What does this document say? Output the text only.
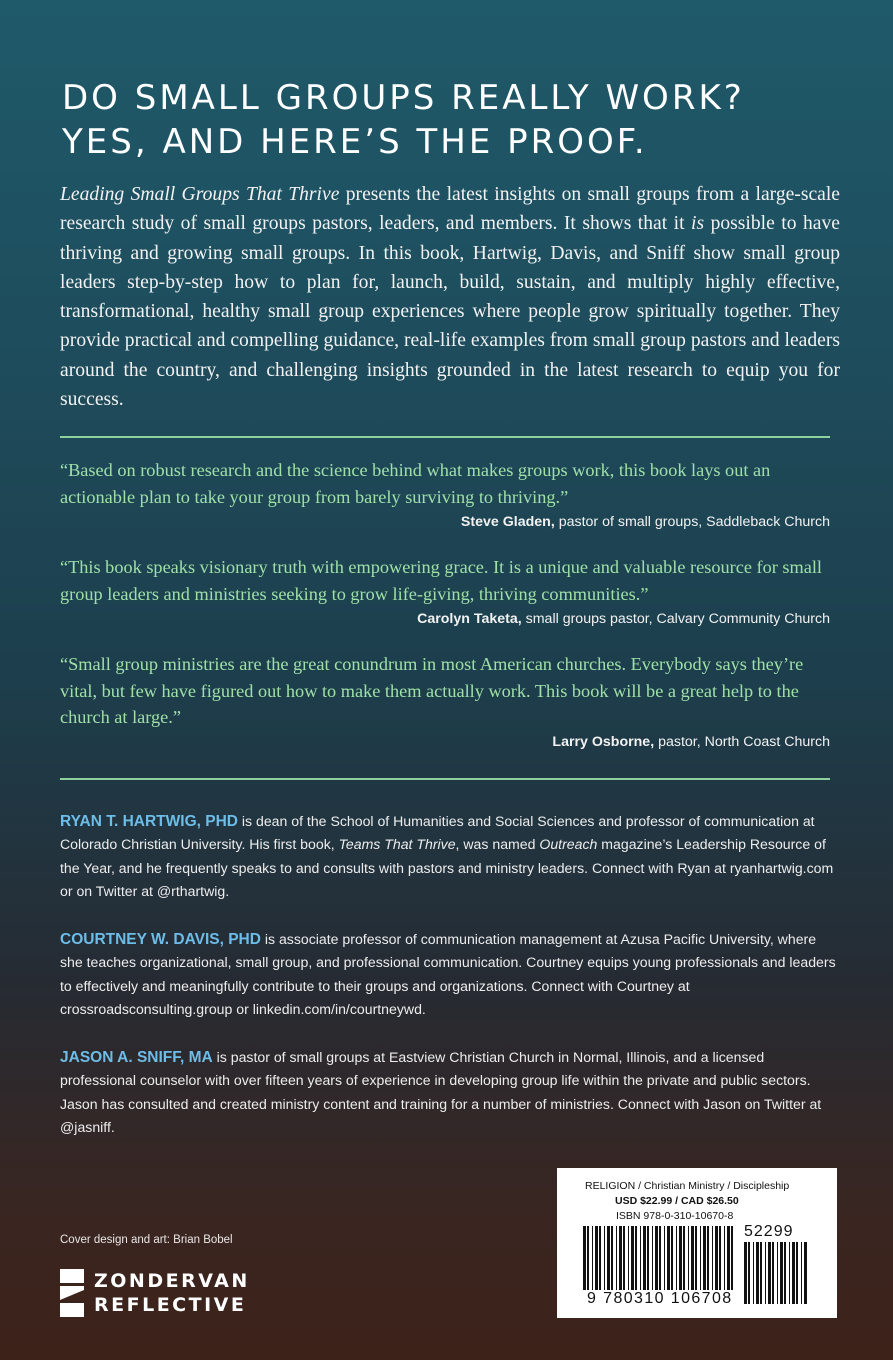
DO SMALL GROUPS REALLY WORK?
YES, AND HERE’S THE PROOF.

Leading Small Groups That Thrive presents the latest insights on small groups from a large-scale research study of small groups pastors, leaders, and members. It shows that it is possible to have thriving and growing small groups. In this book, Hartwig, Davis, and Sniff show small group leaders step-by-step how to plan for, launch, build, sustain, and multiply highly effective, transformational, healthy small group experiences where people grow spiritually together. They provide practical and compelling guidance, real-life examples from small group pastors and leaders around the country, and challenging insights grounded in the latest research to equip you for success.

“Based on robust research and the science behind what makes groups work, this book lays out an actionable plan to take your group from barely surviving to thriving.”

Steve Gladen, pastor of small groups, Saddleback Church

“This book speaks visionary truth with empowering grace. It is a unique and valuable resource for small group leaders and ministries seeking to grow life-giving, thriving communities.”

Carolyn Taketa, small groups pastor, Calvary Community Church

“Small group ministries are the great conundrum in most American churches. Everybody says they’re vital, but few have figured out how to make them actually work. This book will be a great help to the church at large.”

Larry Osborne, pastor, North Coast Church

RYAN T. HARTWIG, PHD is dean of the School of Humanities and Social Sciences and professor of communication at Colorado Christian University. His first book, Teams That Thrive, was named Outreach magazine’s Leadership Resource of the Year, and he frequently speaks to and consults with pastors and ministry leaders. Connect with Ryan at ryanhartwig.com or on Twitter at @rthartwig.

COURTNEY W. DAVIS, PHD is associate professor of communication management at Azusa Pacific University, where she teaches organizational, small group, and professional communication. Courtney equips young professionals and leaders to effectively and meaningfully contribute to their groups and organizations. Connect with Courtney at crossroadsconsulting.group or linkedin.com/in/courtneywd.

JASON A. SNIFF, MA is pastor of small groups at Eastview Christian Church in Normal, Illinois, and a licensed professional counselor with over fifteen years of experience in developing group life within the private and public sectors. Jason has consulted and created ministry content and training for a number of ministries. Connect with Jason on Twitter at @jasniff.

Cover design and art: Brian Bobel
ZONDERVAN
REFLECTIVE
RELIGION / Christian Ministry / Discipleship
USD $22.99 / CAD $26.50
ISBN 978-0-310-10670-8
52299
9 780310 106708
